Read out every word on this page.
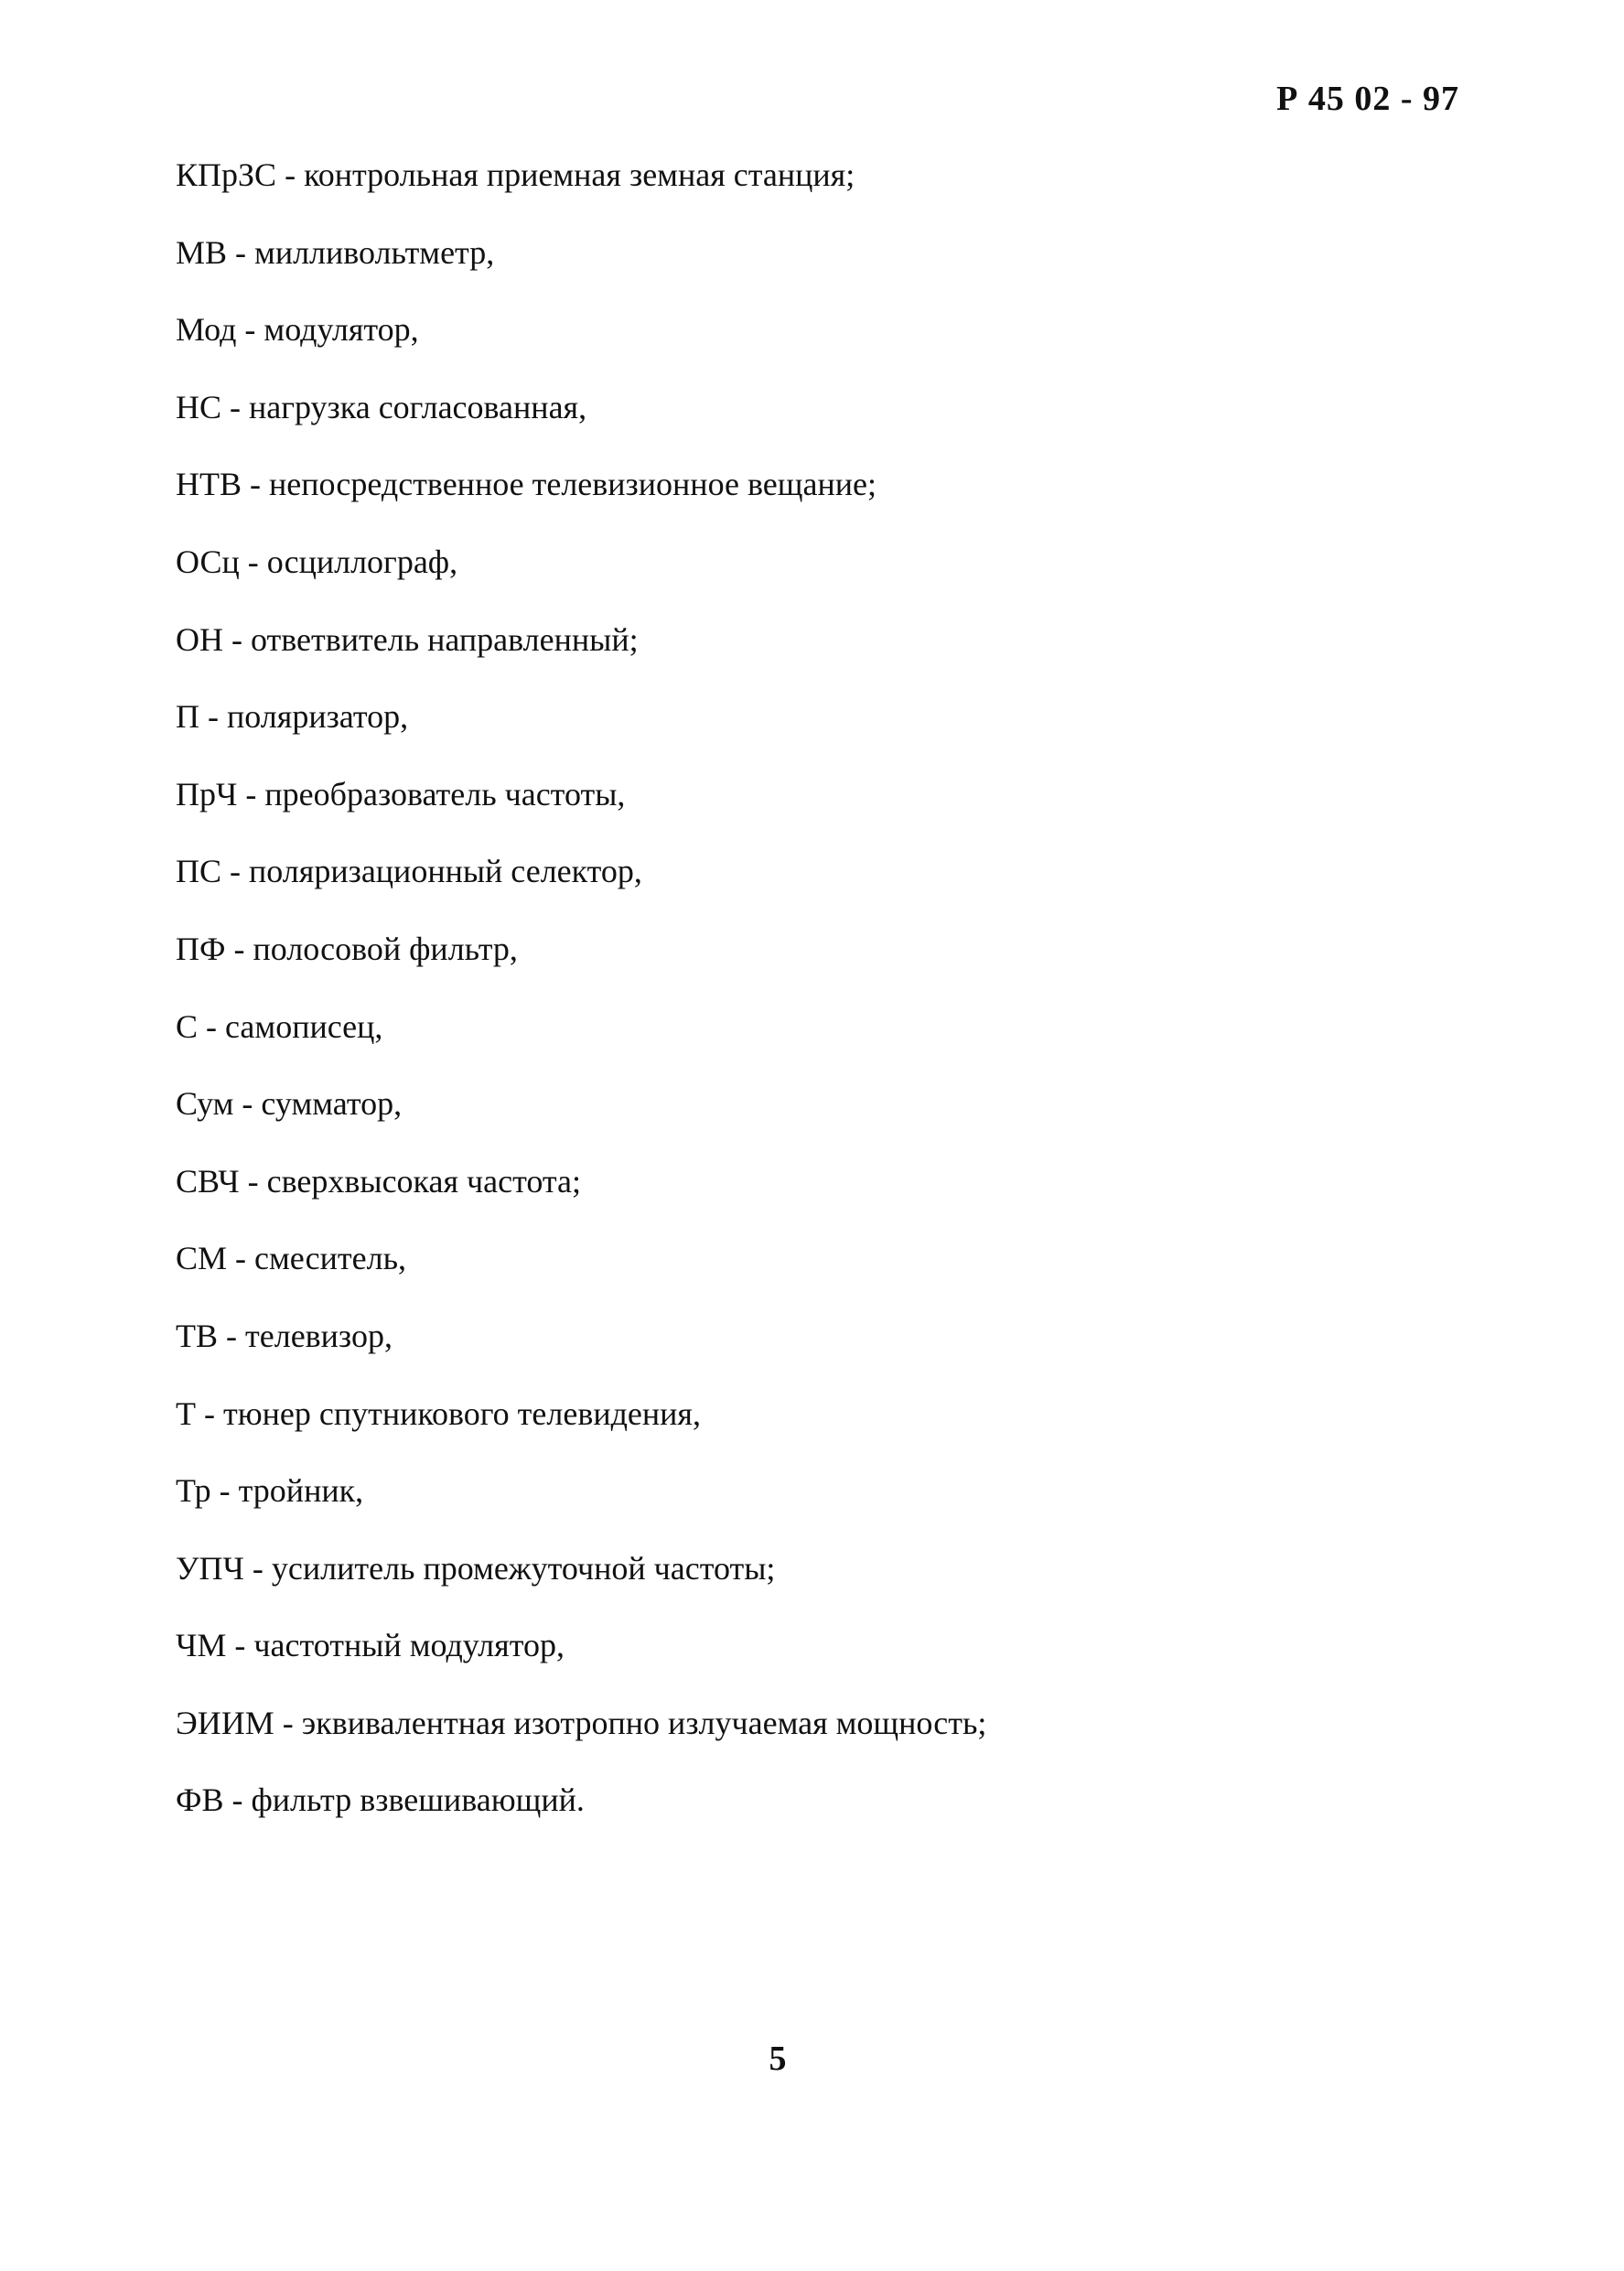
Р 45 02 - 97
КПрЗС - контрольная приемная земная станция;
МВ - милливольтметр,
Мод - модулятор,
НС - нагрузка согласованная,
НТВ - непосредственное телевизионное вещание;
ОСц - осциллограф,
ОН - ответвитель направленный;
П - поляризатор,
ПрЧ - преобразователь частоты,
ПС - поляризационный селектор,
ПФ - полосовой фильтр,
С - самописец,
Сум - сумматор,
СВЧ - сверхвысокая частота;
СМ - смеситель,
ТВ - телевизор,
Т - тюнер спутникового телевидения,
Тр - тройник,
УПЧ - усилитель промежуточной частоты;
ЧМ - частотный модулятор,
ЭИИМ - эквивалентная изотропно излучаемая мощность;
ФВ - фильтр взвешивающий.
5
